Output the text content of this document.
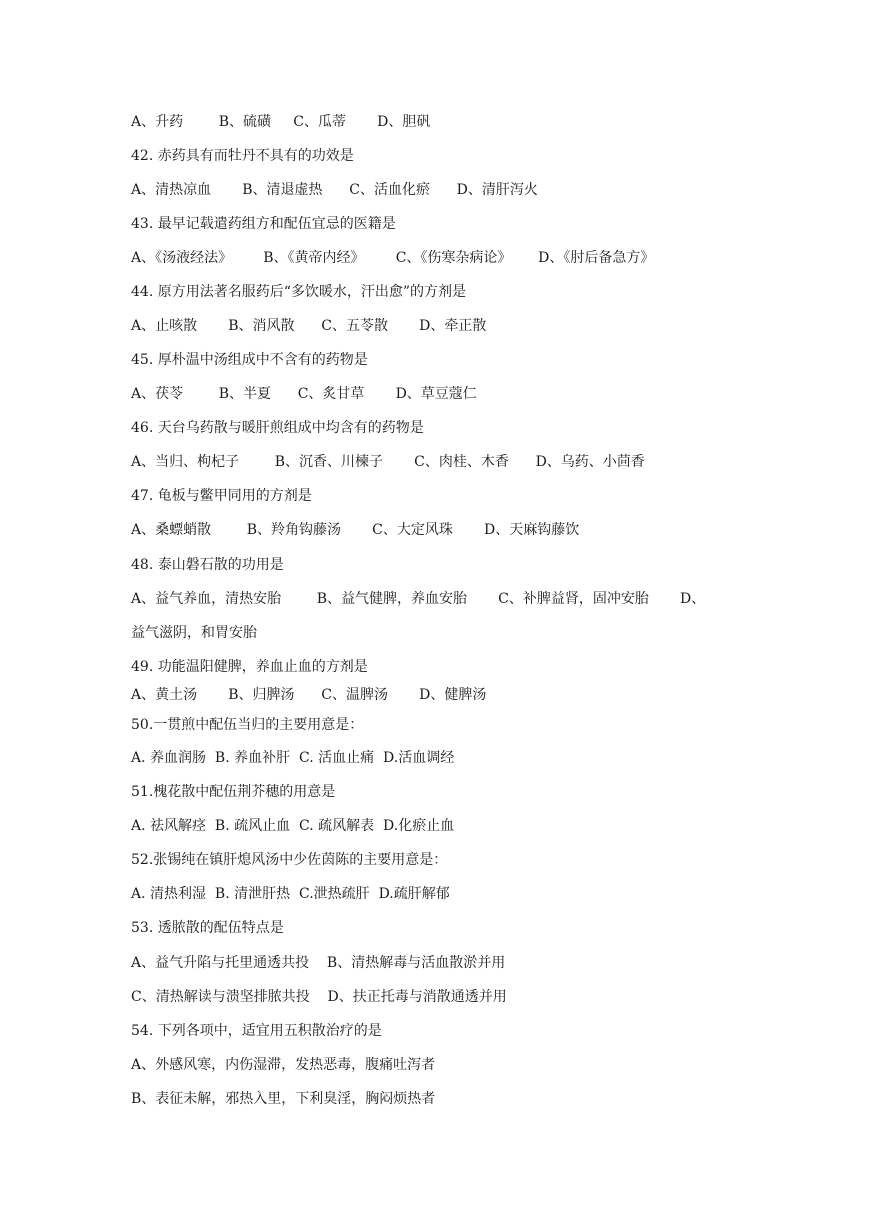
A、升药        B、硫磺     C、瓜蒂       D、胆矾

42. 赤药具有而牡丹不具有的功效是

A、清热凉血       B、清退虚热      C、活血化瘀      D、清肝泻火

43. 最早记载遣药组方和配伍宜忌的医籍是

A、《汤液经法》       B、《黄帝内经》       C、《伤寒杂病论》      D、《肘后备急方》

44. 原方用法著名服药后“多饮暖水，汗出愈”的方剂是

A、止咳散       B、消风散      C、五苓散       D、牵正散

45. 厚朴温中汤组成中不含有的药物是

A、茯苓        B、半夏      C、炙甘草       D、草豆蔻仁

46. 天台乌药散与暖肝煎组成中均含有的药物是

A、当归、枸杞子        B、沉香、川楝子       C、肉桂、木香      D、乌药、小茴香

47. 龟板与鳖甲同用的方剂是

A、桑螵蛸散        B、羚角钩藤汤       C、大定风珠       D、天麻钩藤饮

48. 泰山磐石散的功用是

A、益气养血，清热安胎        B、益气健脾，养血安胎       C、补脾益肾，固冲安胎       D、

益气滋阴，和胃安胎

49. 功能温阳健脾，养血止血的方剂是

A、黄土汤       B、归脾汤      C、温脾汤       D、健脾汤

50.一贯煎中配伍当归的主要用意是：

A. 养血润肠  B. 养血补肝  C. 活血止痛  D.活血调经

51.槐花散中配伍荆芥穗的用意是

A. 祛风解痉  B. 疏风止血  C. 疏风解表  D.化瘀止血

52.张锡纯在镇肝熄风汤中少佐茵陈的主要用意是：

A. 清热利湿  B. 清泄肝热  C.泄热疏肝  D.疏肝解郁

53. 透脓散的配伍特点是

A、益气升陷与托里通透共投    B、清热解毒与活血散淤并用

C、清热解读与溃坚排脓共投    D、扶正托毒与消散通透并用

54. 下列各项中，适宜用五积散治疗的是

A、外感风寒，内伤湿滞，发热恶毒，腹痛吐泻者

B、表征未解，邪热入里，下利臭淫，胸闷烦热者
